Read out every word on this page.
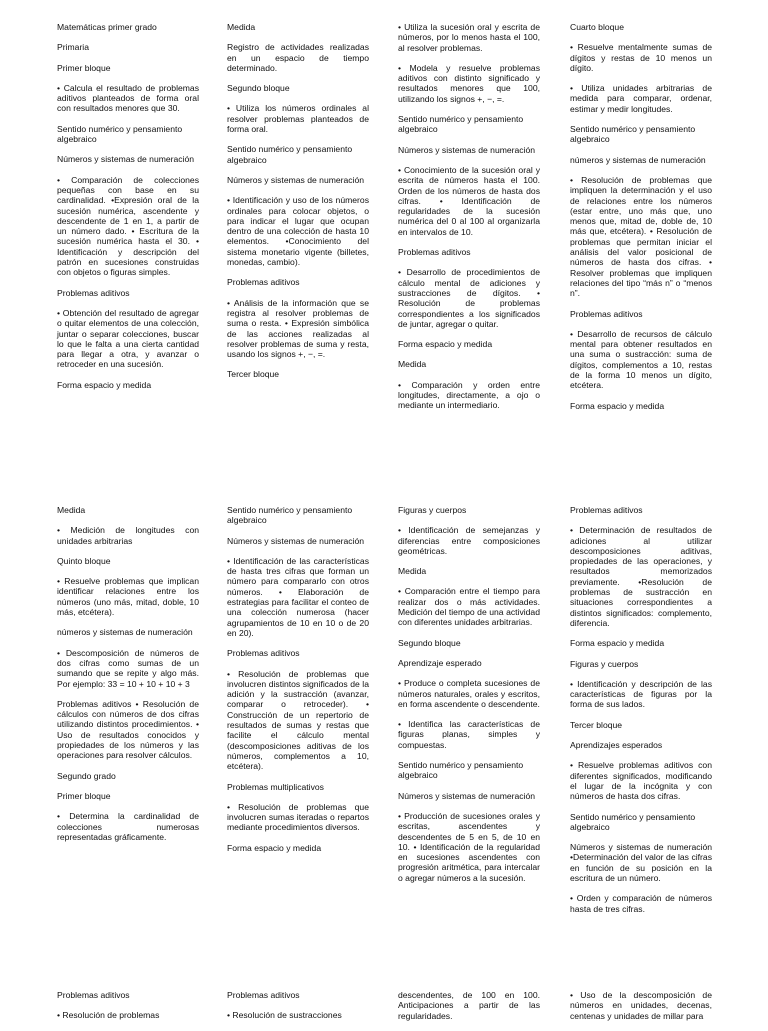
Matemáticas primer grado

Primaria

Primer bloque

• Calcula el resultado de problemas aditivos planteados de forma oral con resultados menores que 30.

Sentido numérico y pensamiento algebraico

Números y sistemas de numeración

• Comparación de colecciones pequeñas con base en su cardinalidad. •Expresión oral de la sucesión numérica, ascendente y descendente de 1 en 1, a partir de un número dado. • Escritura de la sucesión numérica hasta el 30. • Identificación y descripción del patrón en sucesiones construidas con objetos o figuras simples.

Problemas aditivos

• Obtención del resultado de agregar o quitar elementos de una colección, juntar o separar colecciones, buscar lo que le falta a una cierta cantidad para llegar a otra, y avanzar o retroceder en una sucesión.

Forma espacio y medida

Medida

Registro de actividades realizadas en un espacio de tiempo determinado.

Segundo bloque

• Utiliza los números ordinales al resolver problemas planteados de forma oral.

Sentido numérico y pensamiento algebraico

Números y sistemas de numeración

• Identificación y uso de los números ordinales para colocar objetos, o para indicar el lugar que ocupan dentro de una colección de hasta 10 elementos. •Conocimiento del sistema monetario vigente (billetes, monedas, cambio).

Problemas aditivos

• Análisis de la información que se registra al resolver problemas de suma o resta. • Expresión simbólica de las acciones realizadas al resolver problemas de suma y resta, usando los signos +, −, =.

Tercer bloque

• Utiliza la sucesión oral y escrita de números, por lo menos hasta el 100, al resolver problemas.

• Modela y resuelve problemas aditivos con distinto significado y resultados menores que 100, utilizando los signos +, −, =.

Sentido numérico y pensamiento algebraico

Números y sistemas de numeración

• Conocimiento de la sucesión oral y escrita de números hasta el 100. Orden de los números de hasta dos cifras. • Identificación de regularidades de la sucesión numérica del 0 al 100 al organizarla en intervalos de 10.

Problemas aditivos

• Desarrollo de procedimientos de cálculo mental de adiciones y sustracciones de dígitos. • Resolución de problemas correspondientes a los significados de juntar, agregar o quitar.

Forma espacio y medida

Medida

• Comparación y orden entre longitudes, directamente, a ojo o mediante un intermediario.

Cuarto bloque

• Resuelve mentalmente sumas de dígitos y restas de 10 menos un dígito.

• Utiliza unidades arbitrarias de medida para comparar, ordenar, estimar y medir longitudes.

Sentido numérico y pensamiento algebraico

números y sistemas de numeración

• Resolución de problemas que impliquen la determinación y el uso de relaciones entre los números (estar entre, uno más que, uno menos que, mitad de, doble de, 10 más que, etcétera). • Resolución de problemas que permitan iniciar el análisis del valor posicional de números de hasta dos cifras. • Resolver problemas que impliquen relaciones del tipo “más n” o “menos n”.

Problemas aditivos

• Desarrollo de recursos de cálculo mental para obtener resultados en una suma o sustracción: suma de dígitos, complementos a 10, restas de la forma 10 menos un dígito, etcétera.

Forma espacio y medida

Medida

• Medición de longitudes con unidades arbitrarias

Quinto bloque

• Resuelve problemas que implican identificar relaciones entre los números (uno más, mitad, doble, 10 más, etcétera).

números y sistemas de numeración

• Descomposición de números de dos cifras como sumas de un sumando que se repite y algo más. Por ejemplo: 33 = 10 + 10 + 10 + 3

Problemas aditivos • Resolución de cálculos con números de dos cifras utilizando distintos procedimientos. • Uso de resultados conocidos y propiedades de los números y las operaciones para resolver cálculos.

Segundo grado

Primer bloque

• Determina la cardinalidad de colecciones numerosas representadas gráficamente.

Sentido numérico y pensamiento algebraico

Números y sistemas de numeración

• Identificación de las características de hasta tres cifras que forman un número para compararlo con otros números. • Elaboración de estrategias para facilitar el conteo de una colección numerosa (hacer agrupamientos de 10 en 10 o de 20 en 20).

Problemas aditivos

• Resolución de problemas que involucren distintos significados de la adición y la sustracción (avanzar, comparar o retroceder). • Construcción de un repertorio de resultados de sumas y restas que facilite el cálculo mental (descomposiciones aditivas de los números, complementos a 10, etcétera).

Problemas multiplicativos

• Resolución de problemas que involucren sumas iteradas o repartos mediante procedimientos diversos.

Forma espacio y medida

Figuras y cuerpos

• Identificación de semejanzas y diferencias entre composiciones geométricas.

Medida

• Comparación entre el tiempo para realizar dos o más actividades. Medición del tiempo de una actividad con diferentes unidades arbitrarias.

Segundo bloque

Aprendizaje esperado

• Produce o completa sucesiones de números naturales, orales y escritos, en forma ascendente o descendente.

• Identifica las características de figuras planas, simples y compuestas.

Sentido numérico y pensamiento algebraico

Números y sistemas de numeración

• Producción de sucesiones orales y escritas, ascendentes y descendentes de 5 en 5, de 10 en 10. • Identificación de la regularidad en sucesiones ascendentes con progresión aritmética, para intercalar o agregar números a la sucesión.

Problemas aditivos

• Determinación de resultados de adiciones al utilizar descomposiciones aditivas, propiedades de las operaciones, y resultados memorizados previamente. •Resolución de problemas de sustracción en situaciones correspondientes a distintos significados: complemento, diferencia.

Forma espacio y medida

Figuras y cuerpos

• Identificación y descripción de las características de figuras por la forma de sus lados.

Tercer bloque

Aprendizajes esperados

• Resuelve problemas aditivos con diferentes significados, modificando el lugar de la incógnita y con números de hasta dos cifras.

Sentido numérico y pensamiento algebraico

Números y sistemas de numeración •Determinación del valor de las cifras en función de su posición en la escritura de un número.

• Orden y comparación de números hasta de tres cifras.

Problemas aditivos

• Resolución de problemas

Problemas aditivos

• Resolución de sustracciones

descendentes, de 100 en 100. Anticipaciones a partir de las regularidades.

• Uso de la descomposición de números en unidades, decenas, centenas y unidades de millar para
